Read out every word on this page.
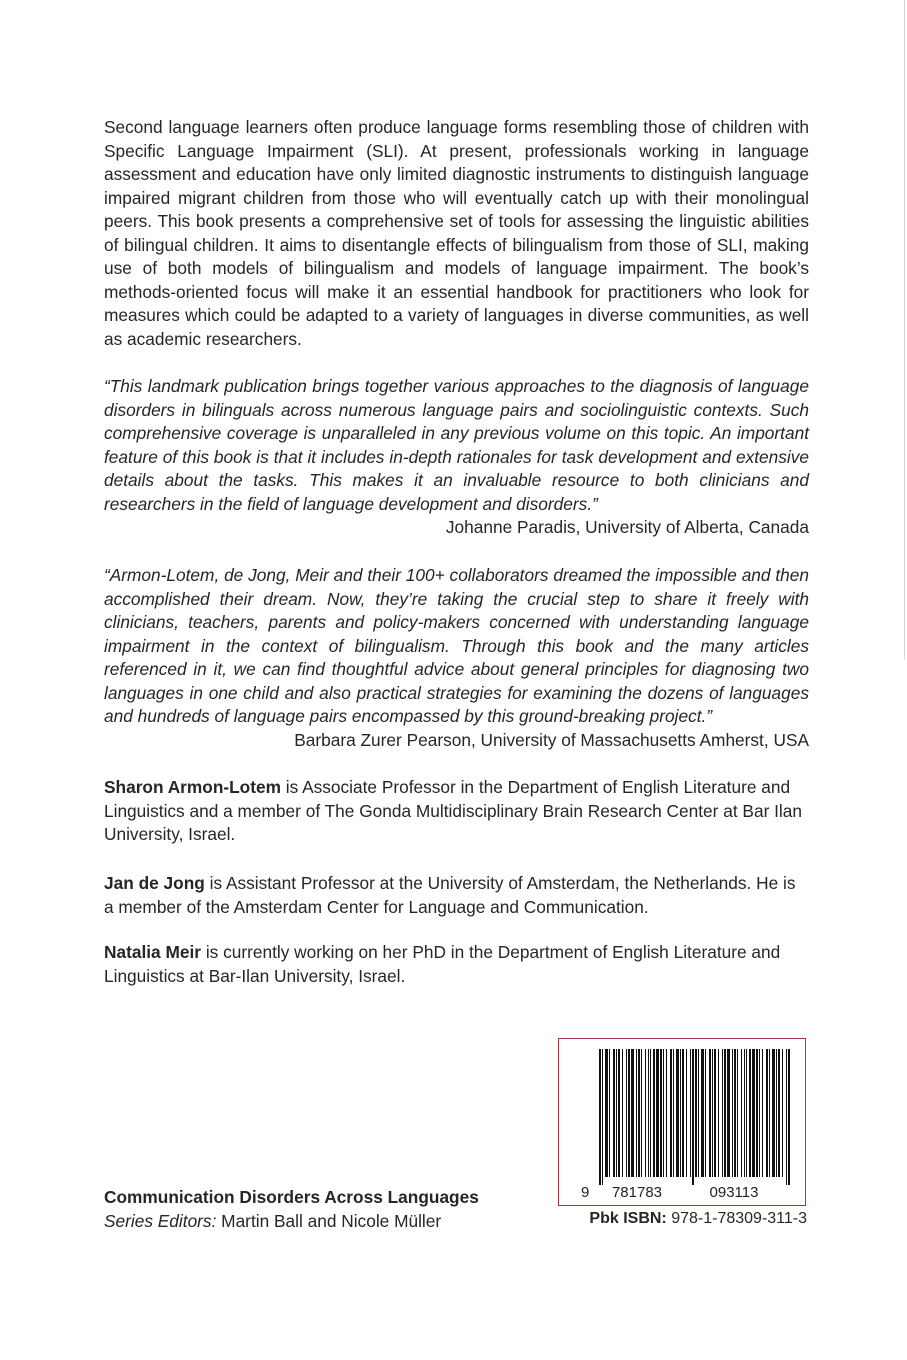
Second language learners often produce language forms resembling those of children with Specific Language Impairment (SLI). At present, professionals working in language assessment and education have only limited diagnostic instruments to distinguish language impaired migrant children from those who will eventually catch up with their monolingual peers. This book presents a comprehensive set of tools for assessing the linguistic abilities of bilingual children. It aims to disentangle effects of bilingualism from those of SLI, making use of both models of bilingualism and models of language impairment. The book’s methods-oriented focus will make it an essential handbook for practitioners who look for measures which could be adapted to a variety of languages in diverse communities, as well as academic researchers.
“This landmark publication brings together various approaches to the diagnosis of language disorders in bilinguals across numerous language pairs and sociolinguistic contexts. Such comprehensive coverage is unparalleled in any previous volume on this topic. An important feature of this book is that it includes in-depth rationales for task development and extensive details about the tasks. This makes it an invaluable resource to both clinicians and researchers in the field of language development and disorders.”
Johanne Paradis, University of Alberta, Canada
“Armon-Lotem, de Jong, Meir and their 100+ collaborators dreamed the impossible and then accomplished their dream. Now, they’re taking the crucial step to share it freely with clinicians, teachers, parents and policy-makers concerned with understanding language impairment in the context of bilingualism. Through this book and the many articles referenced in it, we can find thoughtful advice about general principles for diagnosing two languages in one child and also practical strategies for examining the dozens of languages and hundreds of language pairs encompassed by this ground-breaking project.”
Barbara Zurer Pearson, University of Massachusetts Amherst, USA
Sharon Armon-Lotem is Associate Professor in the Department of English Literature and Linguistics and a member of The Gonda Multidisciplinary Brain Research Center at Bar Ilan University, Israel.
Jan de Jong is Assistant Professor at the University of Amsterdam, the Netherlands. He is a member of the Amsterdam Center for Language and Communication.
Natalia Meir is currently working on her PhD in the Department of English Literature and Linguistics at Bar-Ilan University, Israel.
Communication Disorders Across Languages
Series Editors: Martin Ball and Nicole Müller
9 781783	093113
Pbk ISBN: 978-1-78309-311-3
